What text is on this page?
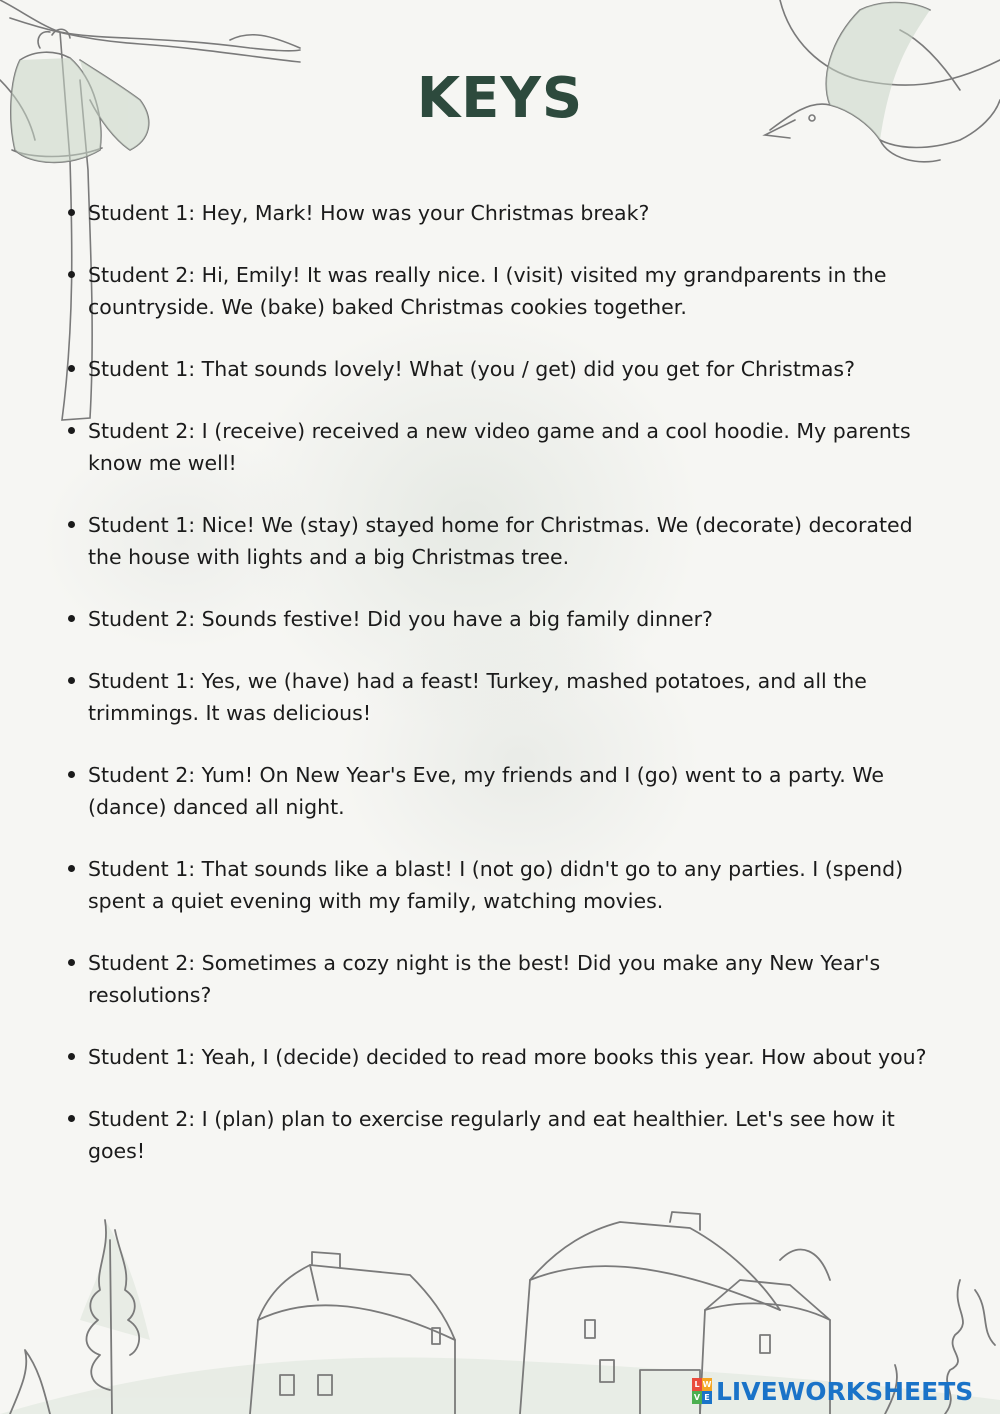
KEYS
Student 1: Hey, Mark! How was your Christmas break?
Student 2: Hi, Emily! It was really nice. I (visit) visited my grandparents in the countryside. We (bake) baked Christmas cookies together.
Student 1: That sounds lovely! What (you / get) did you get for Christmas?
Student 2: I (receive) received a new video game and a cool hoodie. My parents know me well!
Student 1: Nice! We (stay) stayed home for Christmas. We (decorate) decorated the house with lights and a big Christmas tree.
Student 2: Sounds festive! Did you have a big family dinner?
Student 1: Yes, we (have) had a feast! Turkey, mashed potatoes, and all the trimmings. It was delicious!
Student 2: Yum! On New Year's Eve, my friends and I (go) went to a party. We (dance) danced all night.
Student 1: That sounds like a blast! I (not go) didn't go to any parties. I (spend) spent a quiet evening with my family, watching movies.
Student 2: Sometimes a cozy night is the best! Did you make any New Year's resolutions?
Student 1: Yeah, I (decide) decided to read more books this year. How about you?
Student 2: I (plan) plan to exercise regularly and eat healthier. Let's see how it goes!
L W
V E LIVEWORKSHEETS
